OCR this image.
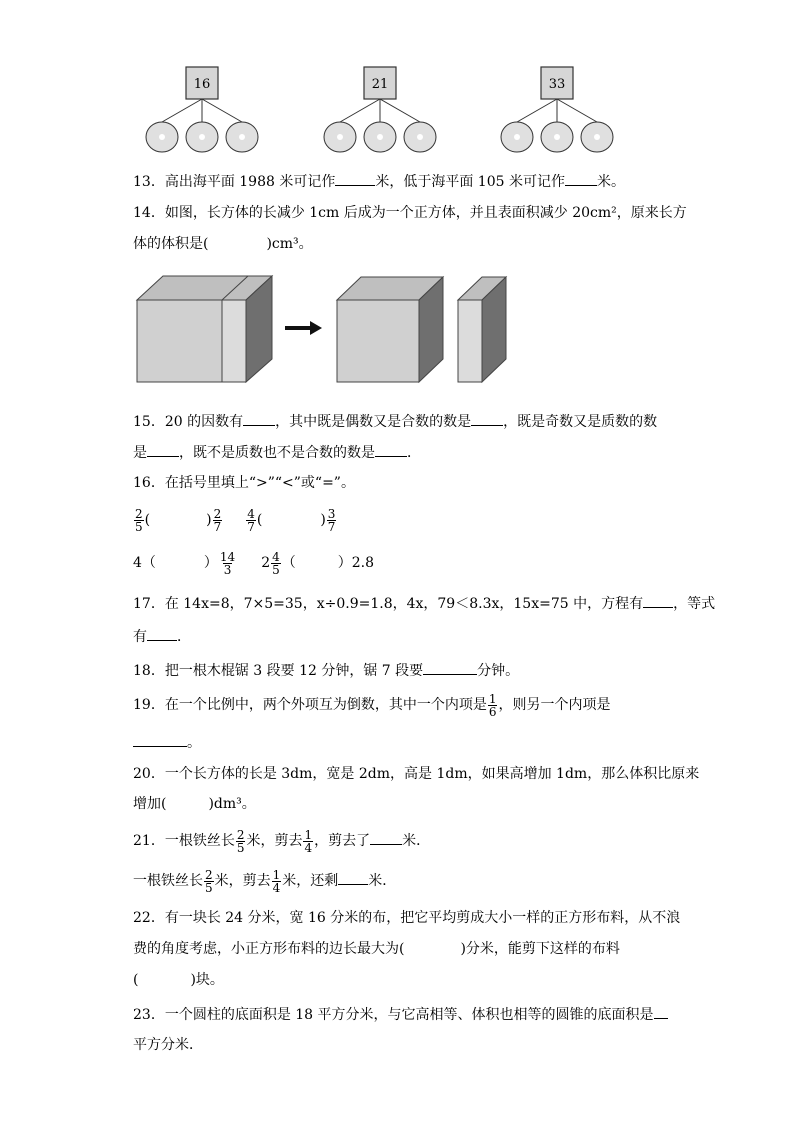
16	21	33
13．高出海平面 1988 米可记作	米，低于海平面 105 米可记作 米。
14．如图，长方体的长减少 1cm 后成为一个正方体，并且表面积减少 20cm²，原来长方
体的体积是(	)cm³。
15．20 的因数有 ，其中既是偶数又是合数的数是 ，既是奇数又是质数的数
是 ，既不是质数也不是合数的数是 ．
16．在括号里填上“>”“<”或“=”。
$\frac{2}{5}$ (	) $\frac{2}{7} \frac{4}{7}$ (	) $\frac{3}{7}$
4（	） $\frac{14}{3} 2 \frac{4}{5}$ （	）2.8
17．在 14x=8，7×5=35，x÷0.9=1.8，4x，79＜8.3x，15x=75 中，方程有 ，等式
有 ．
18．把一根木棍锯 3 段要 12 分钟，锯 7 段要	分钟。
19．在一个比例中，两个外项互为倒数，其中一个内项是 $\frac{1}{6}$ ，则另一个内项是
。
20．一个长方体的长是 3dm，宽是 2dm，高是 1dm，如果高增加 1dm，那么体积比原来
增加(	)dm³。
21．一根铁丝长 $\frac{2}{5}$ 米，剪去 $\frac{1}{4}$ ，剪去了 米．
一根铁丝长 $\frac{2}{5}$ 米，剪去 $\frac{1}{4}$ 米，还剩 米．
22．有一块长 24 分米，宽 16 分米的布，把它平均剪成大小一样的正方形布料，从不浪
费的角度考虑，小正方形布料的边长最大为(	)分米，能剪下这样的布料
(	)块。
23．一个圆柱的底面积是 18 平方分米，与它高相等、体积也相等的圆锥的底面积是
平方分米．
